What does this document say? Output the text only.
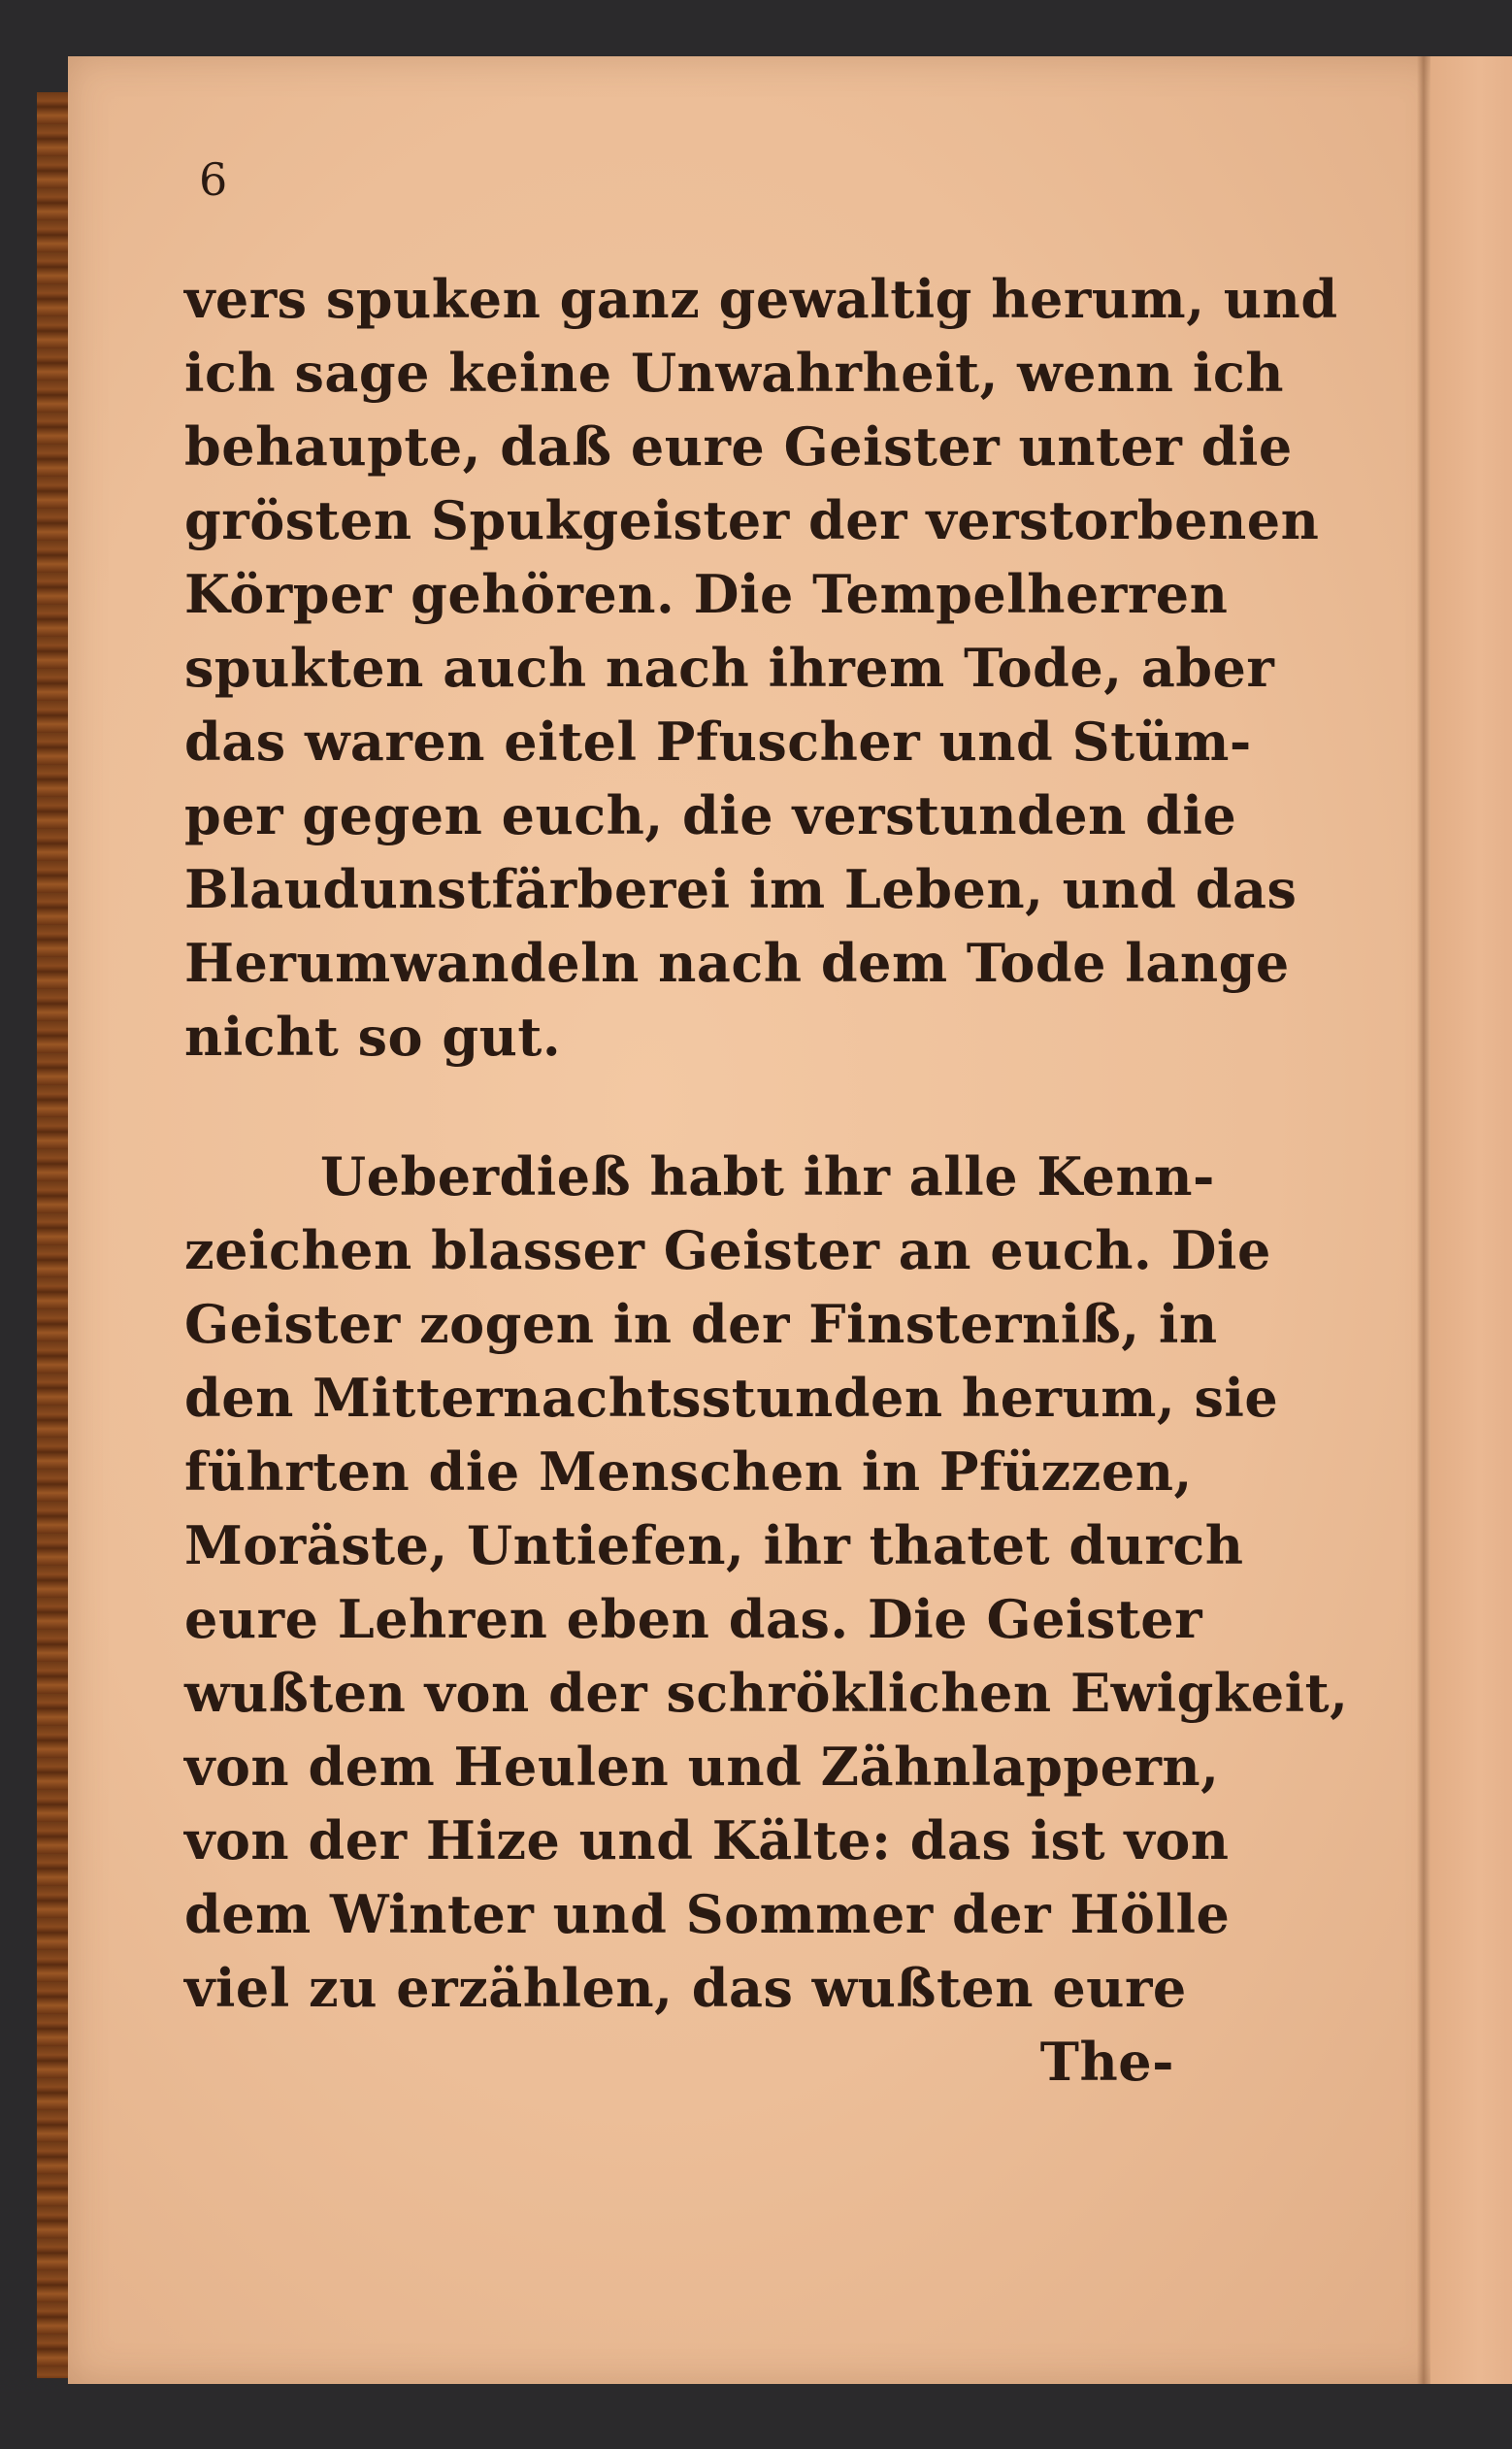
6
vers spuken ganz gewaltig herum, und
ich sage keine Unwahrheit, wenn ich
behaupte, daß eure Geister unter die
grösten Spukgeister der verstorbenen
Körper gehören. Die Tempelherren
spukten auch nach ihrem Tode, aber
das waren eitel Pfuscher und Stüm-
per gegen euch, die verstunden die
Blaudunstfärberei im Leben, und das
Herumwandeln nach dem Tode lange
nicht so gut.
Ueberdieß habt ihr alle Kenn-
zeichen blasser Geister an euch. Die
Geister zogen in der Finsterniß, in
den Mitternachtsstunden herum, sie
führten die Menschen in Pfüzzen,
Moräste, Untiefen, ihr thatet durch
eure Lehren eben das. Die Geister
wußten von der schröklichen Ewigkeit,
von dem Heulen und Zähnlappern,
von der Hize und Kälte: das ist von
dem Winter und Sommer der Hölle
viel zu erzählen, das wußten eure
The-
